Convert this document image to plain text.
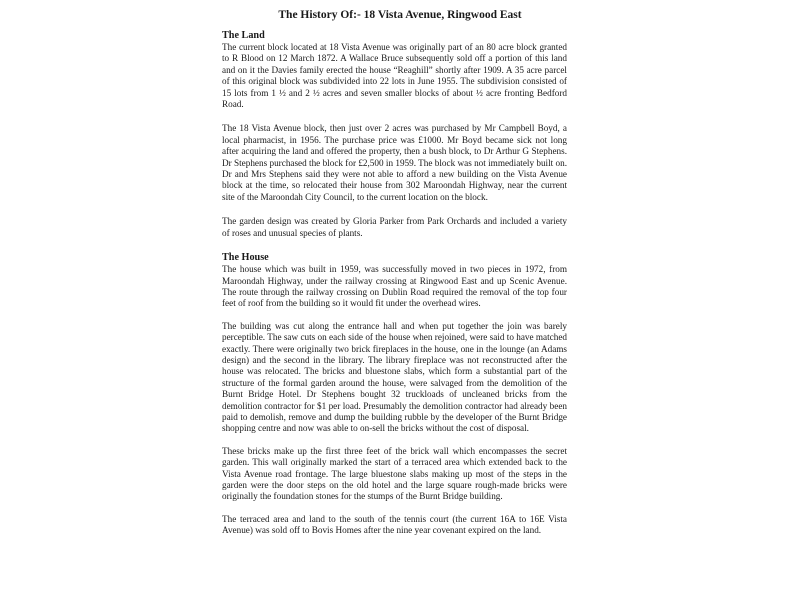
The History Of:- 18 Vista Avenue, Ringwood East
The Land

The current block located at 18 Vista Avenue was originally part of an 80 acre block granted to R Blood on 12 March 1872. A Wallace Bruce subsequently sold off a portion of this land and on it the Davies family erected the house “Reaghill” shortly after 1909. A 35 acre parcel of this original block was subdivided into 22 lots in June 1955. The subdivision consisted of 15 lots from 1 ½ and 2 ½ acres and seven smaller blocks of about ½ acre fronting Bedford Road.

The 18 Vista Avenue block, then just over 2 acres was purchased by Mr Campbell Boyd, a local pharmacist, in 1956. The purchase price was £1000. Mr Boyd became sick not long after acquiring the land and offered the property, then a bush block, to Dr Arthur G Stephens. Dr Stephens purchased the block for £2,500 in 1959. The block was not immediately built on. Dr and Mrs Stephens said they were not able to afford a new building on the Vista Avenue block at the time, so relocated their house from 302 Maroondah Highway, near the current site of the Maroondah City Council, to the current location on the block.

The garden design was created by Gloria Parker from Park Orchards and included a variety of roses and unusual species of plants.

The House

The house which was built in 1959, was successfully moved in two pieces in 1972, from Maroondah Highway, under the railway crossing at Ringwood East and up Scenic Avenue. The route through the railway crossing on Dublin Road required the removal of the top four feet of roof from the building so it would fit under the overhead wires.

The building was cut along the entrance hall and when put together the join was barely perceptible. The saw cuts on each side of the house when rejoined, were said to have matched exactly. There were originally two brick fireplaces in the house, one in the lounge (an Adams design) and the second in the library. The library fireplace was not reconstructed after the house was relocated. The bricks and bluestone slabs, which form a substantial part of the structure of the formal garden around the house, were salvaged from the demolition of the Burnt Bridge Hotel. Dr Stephens bought 32 truckloads of uncleaned bricks from the demolition contractor for $1 per load. Presumably the demolition contractor had already been paid to demolish, remove and dump the building rubble by the developer of the Burnt Bridge shopping centre and now was able to on-sell the bricks without the cost of disposal.

These bricks make up the first three feet of the brick wall which encompasses the secret garden. This wall originally marked the start of a terraced area which extended back to the Vista Avenue road frontage. The large bluestone slabs making up most of the steps in the garden were the door steps on the old hotel and the large square rough-made bricks were originally the foundation stones for the stumps of the Burnt Bridge building.

The terraced area and land to the south of the tennis court (the current 16A to 16E Vista Avenue) was sold off to Bovis Homes after the nine year covenant expired on the land.
